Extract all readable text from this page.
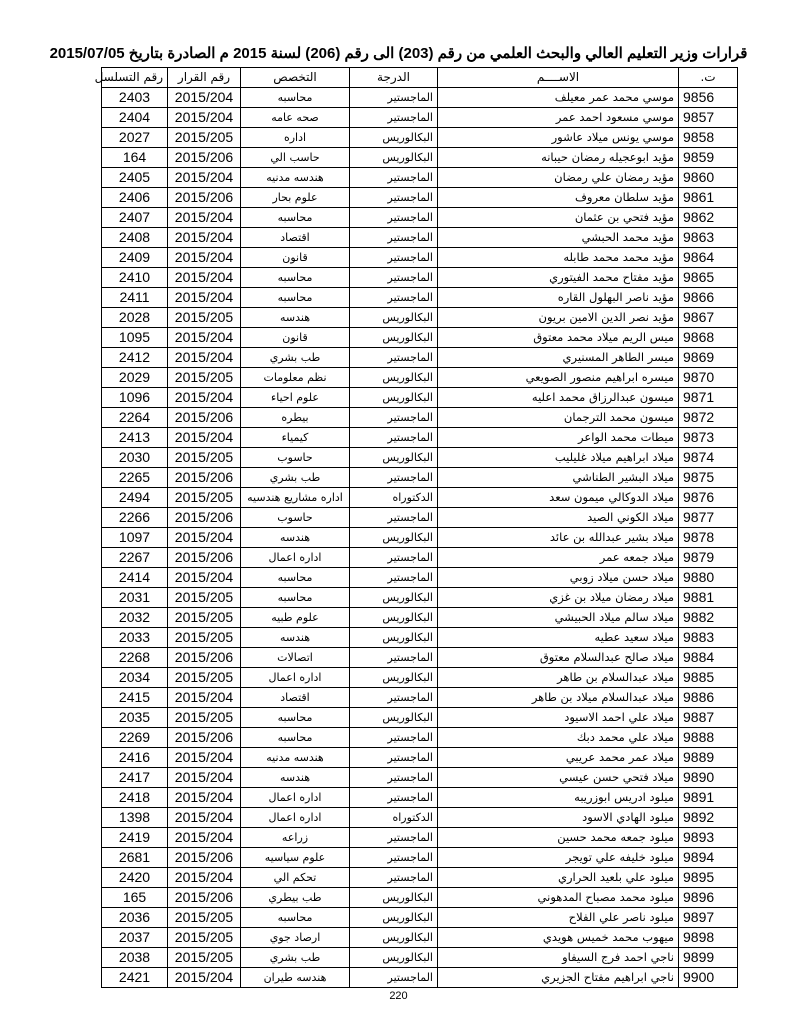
قرارات وزير التعليم العالي والبحث العلمي من رقم (203) الى رقم (206) لسنة 2015 م الصادرة بتاريخ 2015/07/05
ت.	الاســــم	الدرجة	التخصص	رقم القرار	رقم التسلسل
9856	موسي محمد عمر معيلف	الماجستير	محاسبه	2015/204	2403
9857	موسي مسعود احمد عمر	الماجستير	صحه عامه	2015/204	2404
9858	موسي يونس ميلاد عاشور	البكالوريس	اداره	2015/205	2027
9859	مؤيد ابوعجيله رمضان حيبانه	البكالوريس	حاسب الي	2015/206	164
9860	مؤيد رمضان علي رمضان	الماجستير	هندسه مدنيه	2015/204	2405
9861	مؤيد سلطان معروف	الماجستير	علوم بحار	2015/206	2406
9862	مؤيد فتحي بن عثمان	الماجستير	محاسبه	2015/204	2407
9863	مؤيد محمد الحبشي	الماجستير	اقتصاد	2015/204	2408
9864	مؤيد محمد محمد طابله	الماجستير	قانون	2015/204	2409
9865	مؤيد مفتاح محمد الفيتوري	الماجستير	محاسبه	2015/204	2410
9866	مؤيد ناصر البهلول القاره	الماجستير	محاسبه	2015/204	2411
9867	مؤيد نصر الدين الامين بريون	البكالوريس	هندسه	2015/205	2028
9868	ميس الريم ميلاد محمد معتوق	البكالوريس	قانون	2015/204	1095
9869	ميسر الطاهر المسنيري	الماجستير	طب بشري	2015/204	2412
9870	ميسره ابراهيم منصور الصويعي	البكالوريس	نظم معلومات	2015/205	2029
9871	ميسون عبدالرزاق محمد اعليه	البكالوريس	علوم احياء	2015/204	1096
9872	ميسون محمد الترجمان	الماجستير	بيطره	2015/206	2264
9873	ميطات محمد الواعر	الماجستير	كيمياء	2015/204	2413
9874	ميلاد ابراهيم ميلاد غليليب	البكالوريس	حاسوب	2015/205	2030
9875	ميلاد البشير الطناشي	الماجستير	طب بشري	2015/206	2265
9876	ميلاد الدوكالي ميمون سعد	الدكتوراه	اداره مشاريع هندسيه	2015/205	2494
9877	ميلاد الكوني الصيد	الماجستير	حاسوب	2015/206	2266
9878	ميلاد بشير عبدالله بن عائد	البكالوريس	هندسه	2015/204	1097
9879	ميلاد جمعه عمر	الماجستير	اداره اعمال	2015/206	2267
9880	ميلاد حسن ميلاد زوبي	الماجستير	محاسبه	2015/204	2414
9881	ميلاد رمضان ميلاد بن غزي	البكالوريس	محاسبه	2015/205	2031
9882	ميلاد سالم ميلاد الحبيشي	البكالوريس	علوم طبيه	2015/205	2032
9883	ميلاد سعيد عطيه	البكالوريس	هندسه	2015/205	2033
9884	ميلاد صالح عبدالسلام معتوق	الماجستير	اتصالات	2015/206	2268
9885	ميلاد عبدالسلام بن طاهر	البكالوريس	اداره اعمال	2015/205	2034
9886	ميلاد عبدالسلام ميلاد بن طاهر	الماجستير	اقتصاد	2015/204	2415
9887	ميلاد علي احمد الاسيود	البكالوريس	محاسبه	2015/205	2035
9888	ميلاد علي محمد دبك	الماجستير	محاسبه	2015/206	2269
9889	ميلاد عمر محمد عريبي	الماجستير	هندسه مدنيه	2015/204	2416
9890	ميلاد فتحي حسن عيسي	الماجستير	هندسه	2015/204	2417
9891	ميلود ادريس ابوزريبه	الماجستير	اداره اعمال	2015/204	2418
9892	ميلود الهادي الاسود	الدكتوراه	اداره اعمال	2015/204	1398
9893	ميلود جمعه محمد حسين	الماجستير	زراعه	2015/204	2419
9894	ميلود خليفه علي تويجر	الماجستير	علوم سياسيه	2015/206	2681
9895	ميلود علي بلعيد الحراري	الماجستير	تحكم الي	2015/204	2420
9896	ميلود محمد مصباح المدهوني	البكالوريس	طب بيطري	2015/206	165
9897	ميلود ناصر علي الفلاح	البكالوريس	محاسبه	2015/205	2036
9898	ميهوب محمد خميس هويدي	البكالوريس	ارصاد جوي	2015/205	2037
9899	ناجي احمد فرج السيفاو	البكالوريس	طب بشري	2015/205	2038
9900	ناجي ابراهيم مفتاح الجزيري	الماجستير	هندسه طيران	2015/204	2421
220
